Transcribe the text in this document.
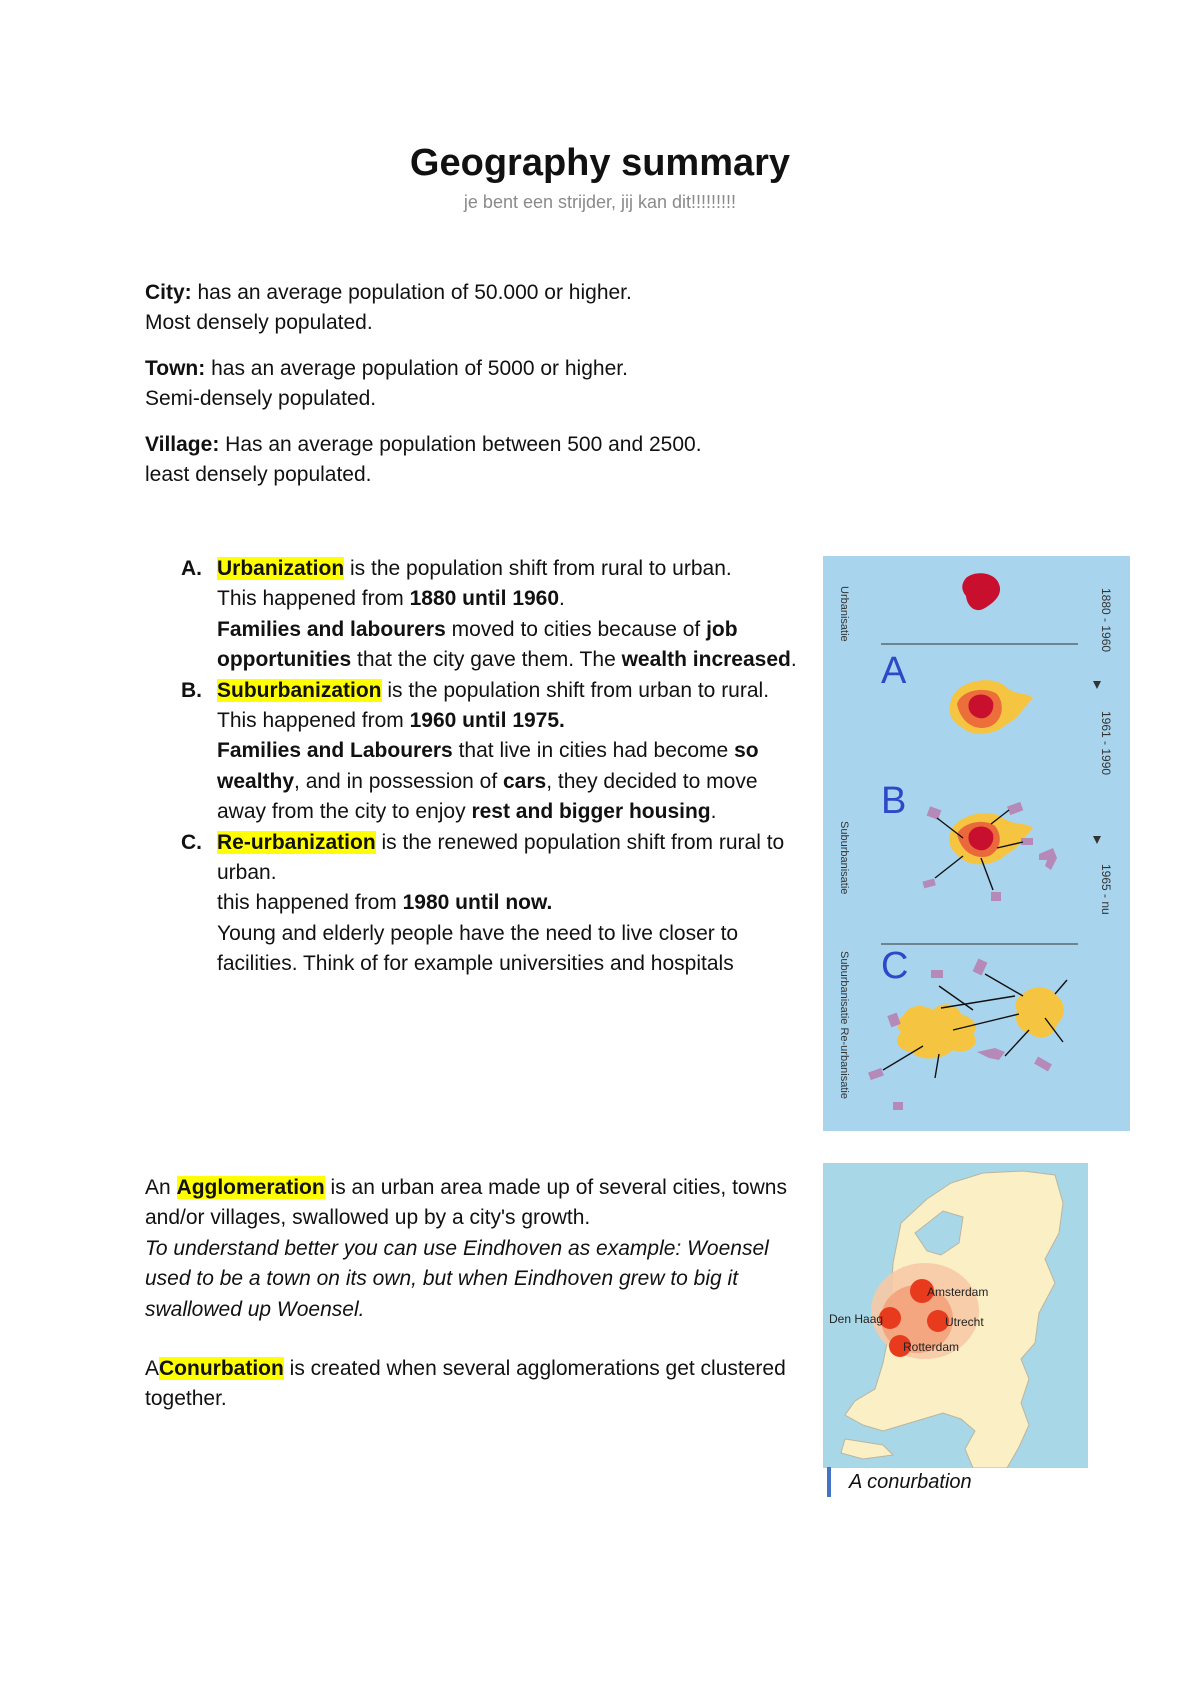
Geography summary
je bent een strijder, jij kan dit!!!!!!!!!
City: has an average population of 50.000 or higher.
Most densely populated.
Town: has an average population of 5000 or higher.
Semi-densely populated.
Village: Has an average population between 500 and 2500.
least densely populated.
A. Urbanization is the population shift from rural to urban.
This happened from 1880 until 1960.
Families and labourers moved to cities because of job opportunities that the city gave them. The wealth increased.
B. Suburbanization is the population shift from urban to rural.
This happened from 1960 until 1975.
Families and Labourers that live in cities had become so wealthy, and in possession of cars, they decided to move away from the city to enjoy rest and bigger housing.
C. Re-urbanization is the renewed population shift from rural to urban.
this happened from 1980 until now.
Young and elderly people have the need to live closer to facilities. Think of for example universities and hospitals
Urbanisatie
Suburbanisatie
Suburbanisatie Re-urbanisatie
1880 - 1960
1961 - 1990
1965 - nu
A
B
C
An Agglomeration is an urban area made up of several cities, towns and/or villages, swallowed up by a city's growth.
To understand better you can use Eindhoven as example: Woensel used to be a town on its own, but when Eindhoven grew to big it swallowed up Woensel.
AConurbation is created when several agglomerations get clustered together.
Amsterdam
Den Haag	Utrecht
Rotterdam
A conurbation
